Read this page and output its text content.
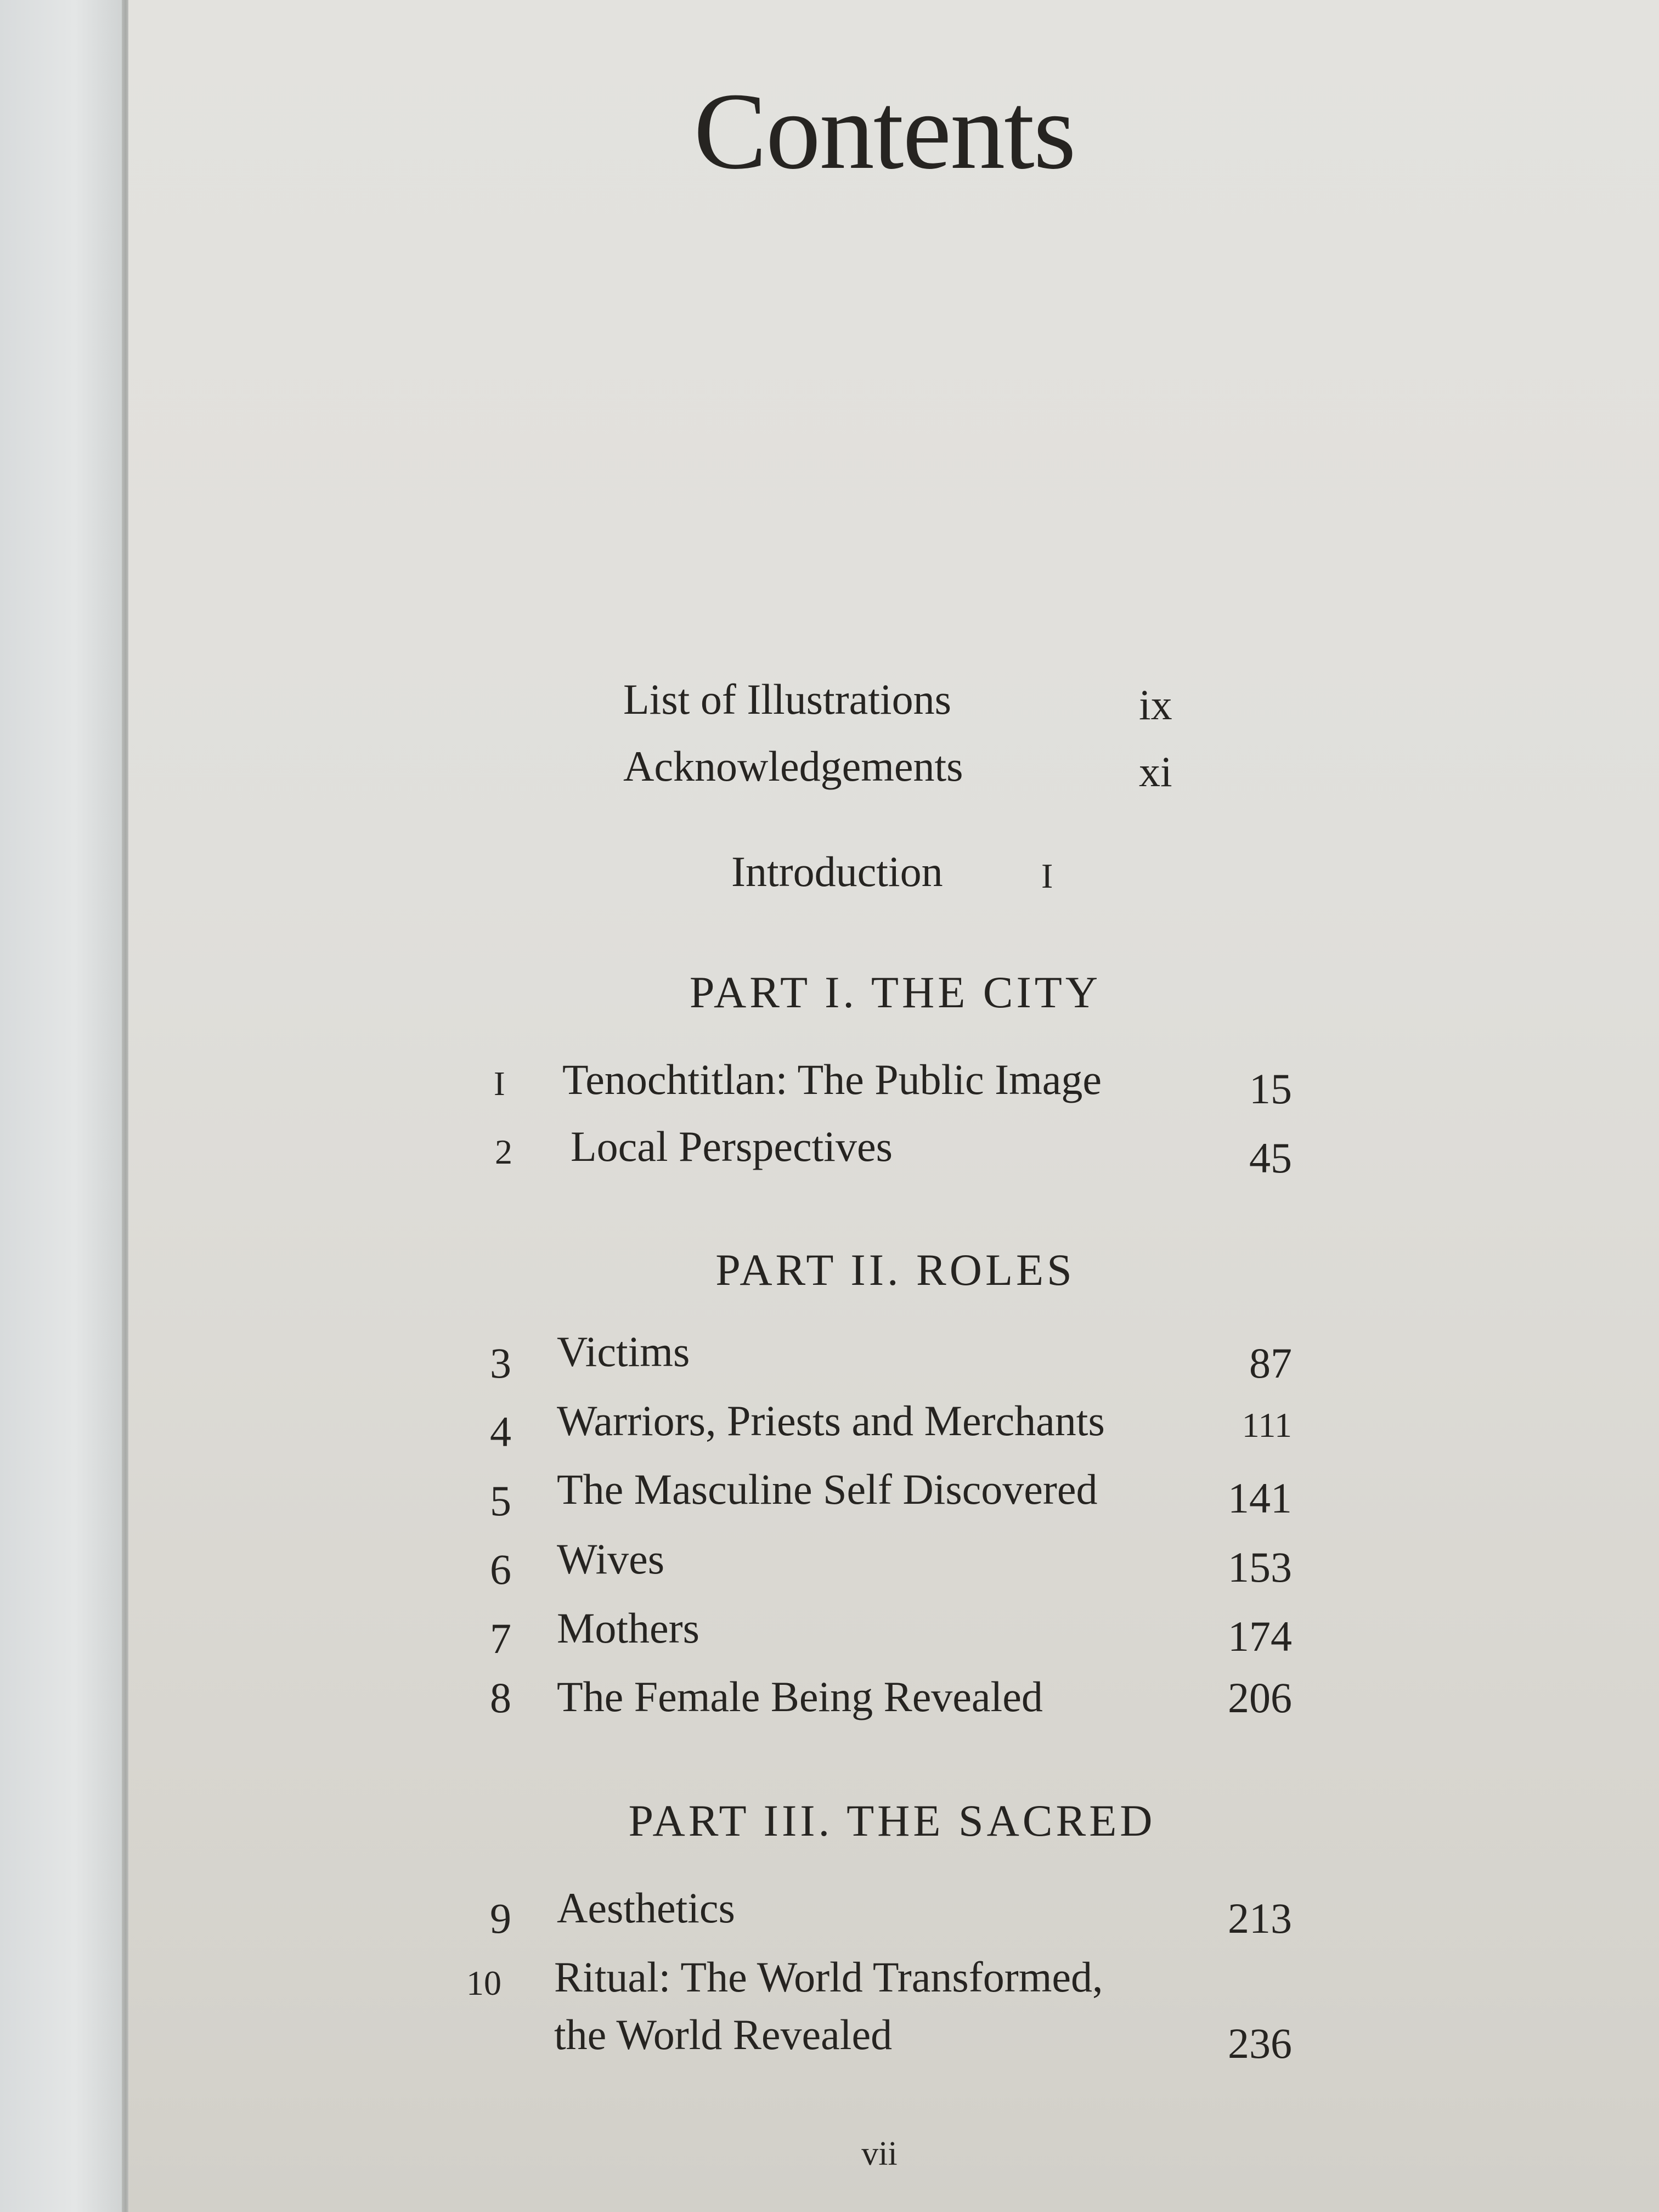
Contents
List of Illustrations	ix
Acknowledgements	xi
Introduction	I
PART I. THE CITY
I Tenochtitlan: The Public Image	15
2 Local Perspectives	45
PART II. ROLES
3 Victims	87
4 Warriors, Priests and Merchants	111
5 The Masculine Self Discovered	141
6 Wives	153
7 Mothers	174
8 The Female Being Revealed	206
PART III. THE SACRED
9 Aesthetics	213
10 Ritual: The World Transformed,
the World Revealed	236
vii
